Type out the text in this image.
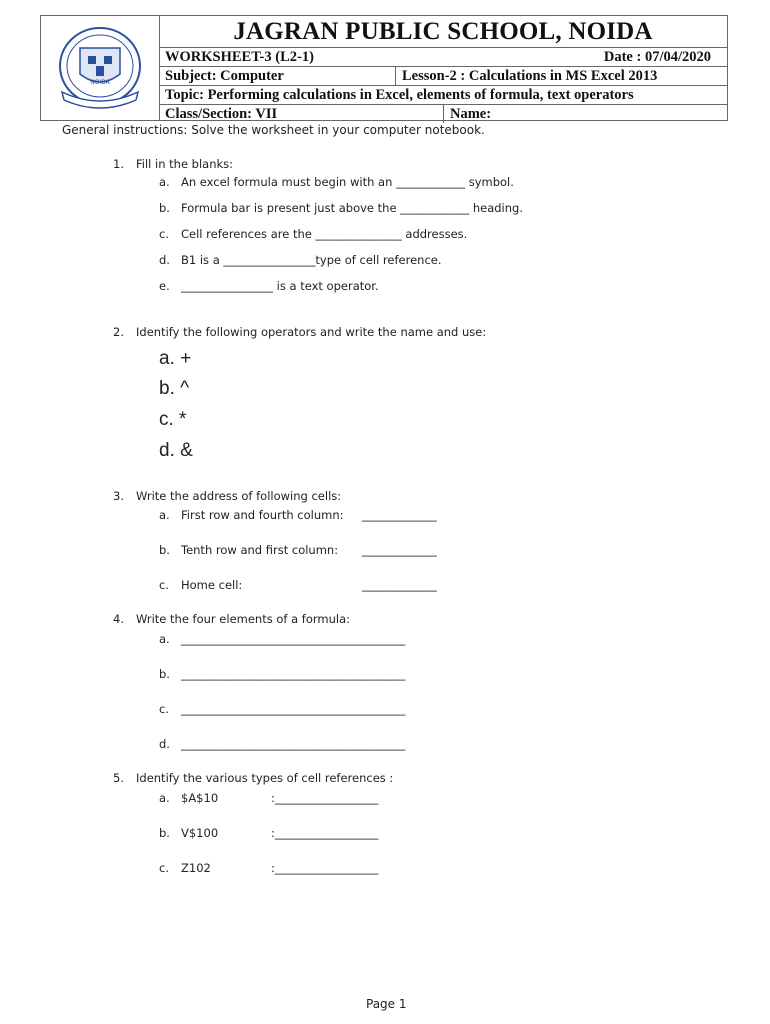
NOIDA
JAGRAN PUBLIC SCHOOL, NOIDA
WORKSHEET-3 (L2-1)	Date : 07/04/2020
Subject: Computer	Lesson-2 : Calculations in MS Excel 2013
Topic: Performing calculations in Excel, elements of formula, text operators
Class/Section: VII	Name:
General instructions: Solve the worksheet in your computer notebook.
1. Fill in the blanks:
a. An excel formula must begin with an ____________ symbol.
b. Formula bar is present just above the ____________ heading.
c. Cell references are the _______________ addresses.
d. B1 is a ________________type of cell reference.
e. ________________ is a text operator.
2. Identify the following operators and write the name and use:
a. +
b. ^
c. *
d. &
3. Write the address of following cells:
a. First row and fourth column: _____________
b. Tenth row and first column: _____________
c. Home cell:	_____________
4. Write the four elements of a formula:
a. _______________________________________
b. _______________________________________
c. _______________________________________
d. _______________________________________
5. Identify the various types of cell references :
a. $A$10	:__________________
b. V$100	:__________________
c. Z102	:__________________
Page 1
